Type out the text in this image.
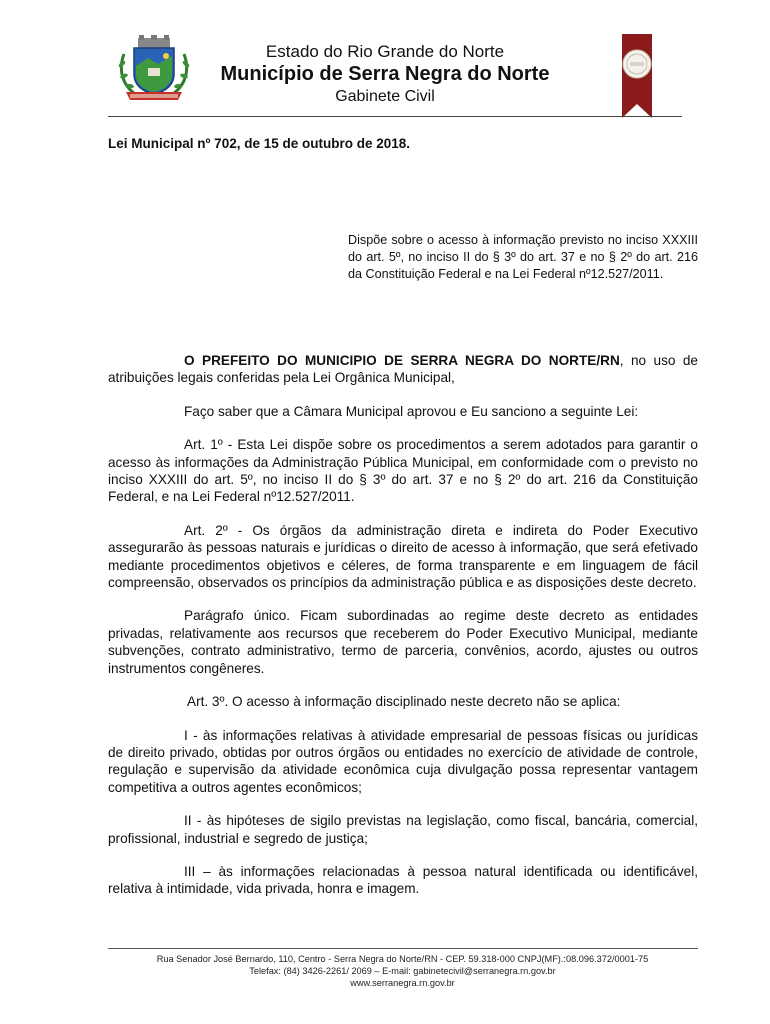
Estado do Rio Grande do Norte
Município de Serra Negra do Norte
Gabinete Civil
Lei Municipal nº 702, de 15 de outubro de 2018.
Dispõe sobre o acesso à informação previsto no inciso XXXIII do art. 5º, no inciso II do § 3º do art. 37 e no § 2º do art. 216 da Constituição Federal e na Lei Federal nº12.527/2011.

O PREFEITO DO MUNICIPIO DE SERRA NEGRA DO NORTE/RN, no uso de atribuições legais conferidas pela Lei Orgânica Municipal,

Faço saber que a Câmara Municipal aprovou e Eu sanciono a seguinte Lei:

Art. 1º - Esta Lei dispõe sobre os procedimentos a serem adotados para garantir o acesso às informações da Administração Pública Municipal, em conformidade com o previsto no inciso XXXIII do art. 5º, no inciso II do § 3º do art. 37 e no § 2º do art. 216 da Constituição Federal, e na Lei Federal nº12.527/2011.

Art. 2º - Os órgãos da administração direta e indireta do Poder Executivo assegurarão às pessoas naturais e jurídicas o direito de acesso à informação, que será efetivado mediante procedimentos objetivos e céleres, de forma transparente e em linguagem de fácil compreensão, observados os princípios da administração pública e as disposições deste decreto.

Parágrafo único. Ficam subordinadas ao regime deste decreto as entidades privadas, relativamente aos recursos que receberem do Poder Executivo Municipal, mediante subvenções, contrato administrativo, termo de parceria, convênios, acordo, ajustes ou outros instrumentos congêneres.

Art. 3º. O acesso à informação disciplinado neste decreto não se aplica:

I - às informações relativas à atividade empresarial de pessoas físicas ou jurídicas de direito privado, obtidas por outros órgãos ou entidades no exercício de atividade de controle, regulação e supervisão da atividade econômica cuja divulgação possa representar vantagem competitiva a outros agentes econômicos;

II - às hipóteses de sigilo previstas na legislação, como fiscal, bancária, comercial, profissional, industrial e segredo de justiça;

III – às informações relacionadas à pessoa natural identificada ou identificável, relativa à intimidade, vida privada, honra e imagem.

Rua Senador José Bernardo, 110, Centro - Serra Negra do Norte/RN - CEP. 59.318-000 CNPJ(MF).:08.096.372/0001-75
Telefax: (84) 3426-2261/ 2069 – E-mail: gabinetecivil@serranegra.rn.gov.br
www.serranegra.rn.gov.br
